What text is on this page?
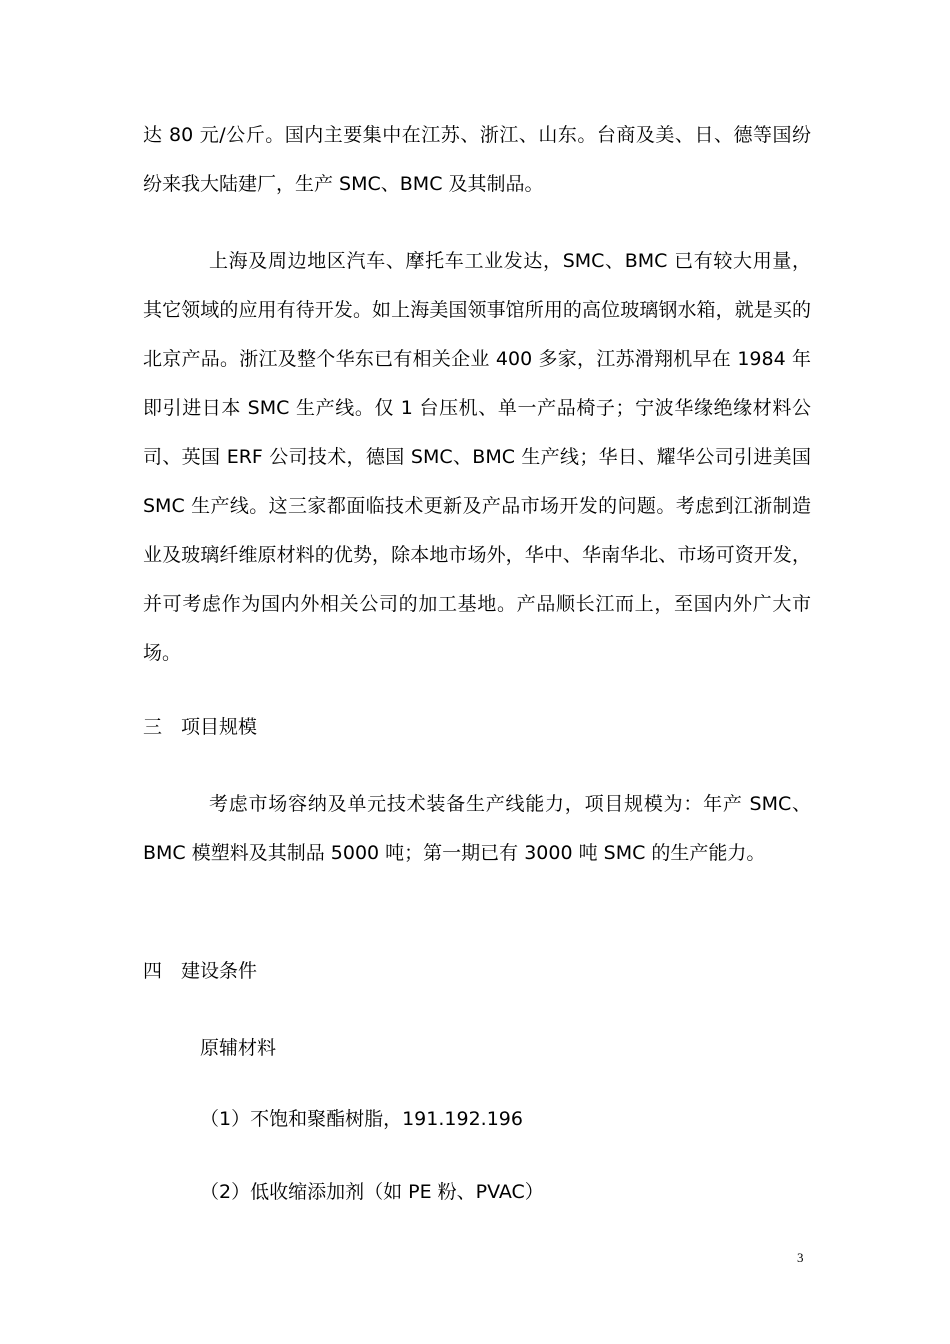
达 80 元/公斤。国内主要集中在江苏、浙江、山东。台商及美、日、德等国纷纷来我大陆建厂，生产 SMC、BMC 及其制品。

上海及周边地区汽车、摩托车工业发达，SMC、BMC 已有较大用量，其它领域的应用有待开发。如上海美国领事馆所用的高位玻璃钢水箱，就是买的北京产品。浙江及整个华东已有相关企业 400 多家，江苏滑翔机早在 1984 年即引进日本 SMC 生产线。仅 1 台压机、单一产品椅子；宁波华缘绝缘材料公司、英国 ERF 公司技术，德国 SMC、BMC 生产线；华日、耀华公司引进美国 SMC 生产线。这三家都面临技术更新及产品市场开发的问题。考虑到江浙制造业及玻璃纤维原材料的优势，除本地市场外，华中、华南华北、市场可资开发，并可考虑作为国内外相关公司的加工基地。产品顺长江而上，至国内外广大市场。

三　项目规模

考虑市场容纳及单元技术装备生产线能力，项目规模为：年产 SMC、BMC 模塑料及其制品 5000 吨；第一期已有 3000 吨 SMC 的生产能力。

四　建设条件

原辅材料

（1）不饱和聚酯树脂，191.192.196

（2）低收缩添加剂（如 PE 粉、PVAC）

3
